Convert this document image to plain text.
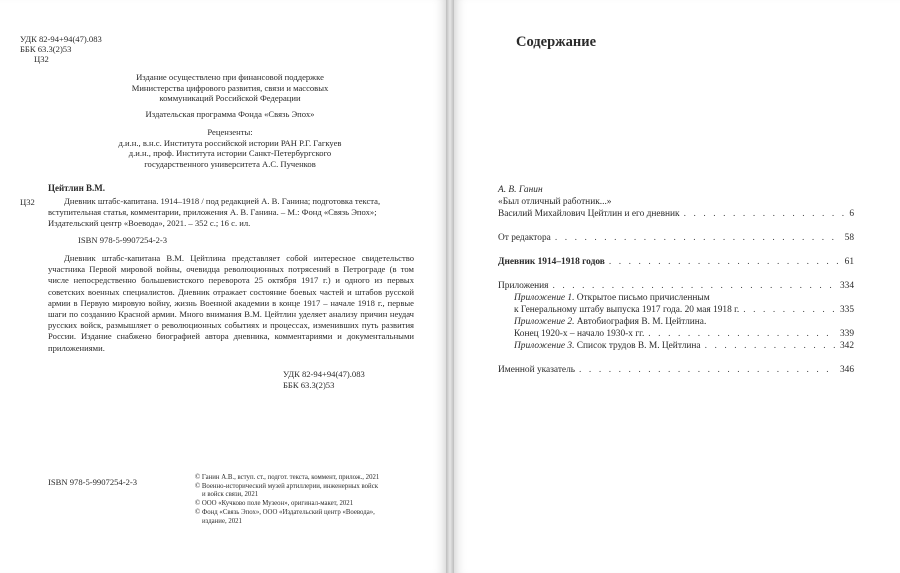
УДК 82-94+94(47).083
ББК 63.3(2)53
Ц32
Издание осуществлено при финансовой поддержке
Министерства цифрового развития, связи и массовых
коммуникаций Российской Федерации
Издательская программа Фонда «Связь Эпох»
Рецензенты:
д.и.н., в.н.с. Института российской истории РАН Р.Г. Гагкуев
д.и.н., проф. Института истории Санкт-Петербургского
государственного университета А.С. Пученков
Цейтлин В.М.
Ц32	Дневник штабс-капитана. 1914–1918 / под редакцией А. В. Ганина; подготовка текста, вступительная статья, комментарии, приложения А. В. Ганина. – М.: Фонд «Связь Эпох»; Издательский центр «Воевода», 2021. – 352 с.; 16 с. ил.
ISBN 978-5-9907254-2-3
Дневник штабс-капитана В.М. Цейтлина представляет собой интересное свидетельство участника Первой мировой войны, очевидца революционных потрясений в Петрограде (в том числе непосредственно большевистского переворота 25 октября 1917 г.) и одного из первых советских военных специалистов. Дневник отражает состояние боевых частей и штабов русской армии в Первую мировую войну, жизнь Военной академии в конце 1917 – начале 1918 г., первые шаги по созданию Красной армии. Много внимания В.М. Цейтлин уделяет анализу причин неудач русских войск, размышляет о революционных событиях и процессах, изменивших путь развития России. Издание снабжено биографией автора дневника, комментариями и документальными приложениями.
УДК 82-94+94(47).083
ББК 63.3(2)53
ISBN 978-5-9907254-2-3	© Ганин А.В., вступ. ст., подгот. текста, коммент, прилож., 2021
© Военно-исторический музей артиллерии, инженерных войск
и войск связи, 2021
© ООО «Кучково поле Музеон», оригинал-макет, 2021
© Фонд «Связь Эпох», ООО «Издательский центр «Воевода»,
издание, 2021
Содержание
А. В. Ганин
«Был отличный работник...»
Василий Михайлович Цейтлин и его дневник . . .	6
От редактора . . .	58
Дневник 1914–1918 годов . . .	61
Приложения . . .	334
Приложение 1.
Открытое письмо причисленным
к Генеральному штабу выпуска 1917 года. 20 мая 1918 г. . . .	335
Приложение 2.
Автобиография В. М. Цейтлина.
Конец 1920-х – начало 1930-х гг. . . .	339
Приложение 3.
Список трудов В. М. Цейтлина . . .	342
Именной указатель . . .	346
